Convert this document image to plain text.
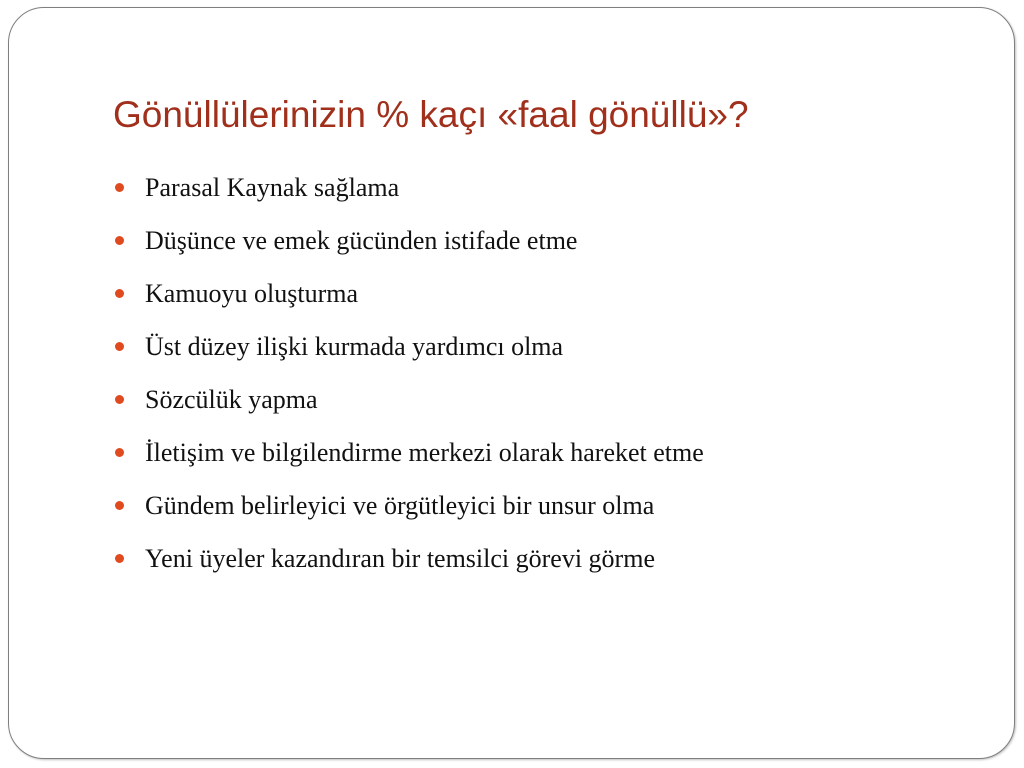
Gönüllülerinizin % kaçı «faal gönüllü»?
Parasal Kaynak sağlama
Düşünce ve emek gücünden istifade etme
Kamuoyu oluşturma
Üst düzey ilişki kurmada yardımcı olma
Sözcülük yapma
İletişim ve bilgilendirme merkezi olarak hareket etme
Gündem belirleyici ve örgütleyici bir unsur olma
Yeni üyeler kazandıran bir temsilci görevi görme
